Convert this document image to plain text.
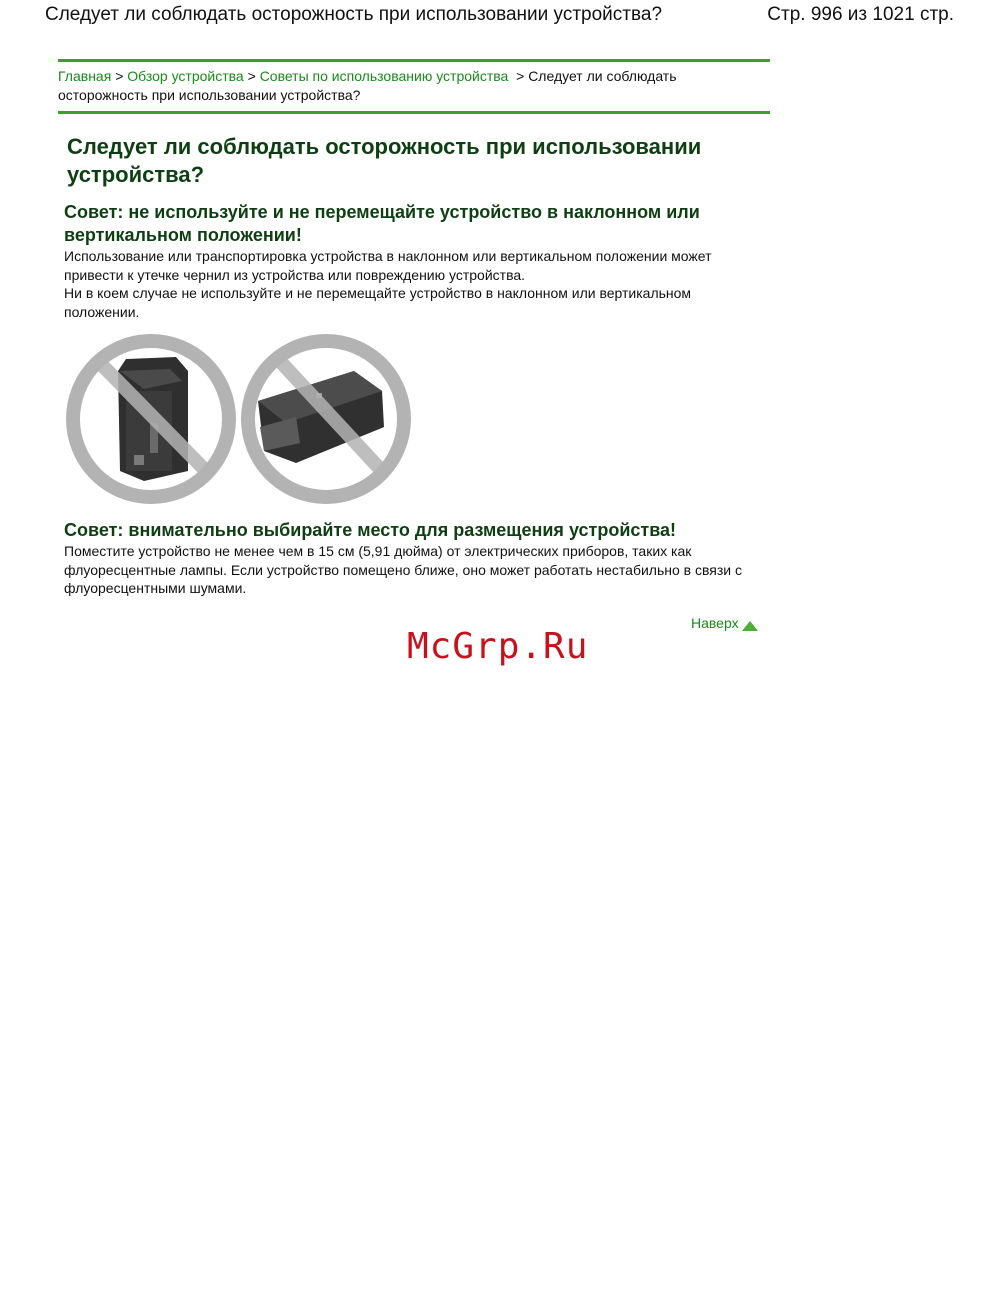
Следует ли соблюдать осторожность при использовании устройства?	Стр. 996 из 1021 стр.
Главная > Обзор устройства > Советы по использованию устройства > Следует ли соблюдать
осторожность при использовании устройства?
Следует ли соблюдать осторожность при использовании устройства?
Совет: не используйте и не перемещайте устройство в наклонном или вертикальном положении!

Использование или транспортировка устройства в наклонном или вертикальном положении может привести к утечке чернил из устройства или повреждению устройства.

Ни в коем случае не используйте и не перемещайте устройство в наклонном или вертикальном положении.

Совет: внимательно выбирайте место для размещения устройства!

Поместите устройство не менее чем в 15 см (5,91 дюйма) от электрических приборов, таких как флуоресцентные лампы. Если устройство помещено ближе, оно может работать нестабильно в связи с флуоресцентными шумами.

Наверх
McGrp.Ru
